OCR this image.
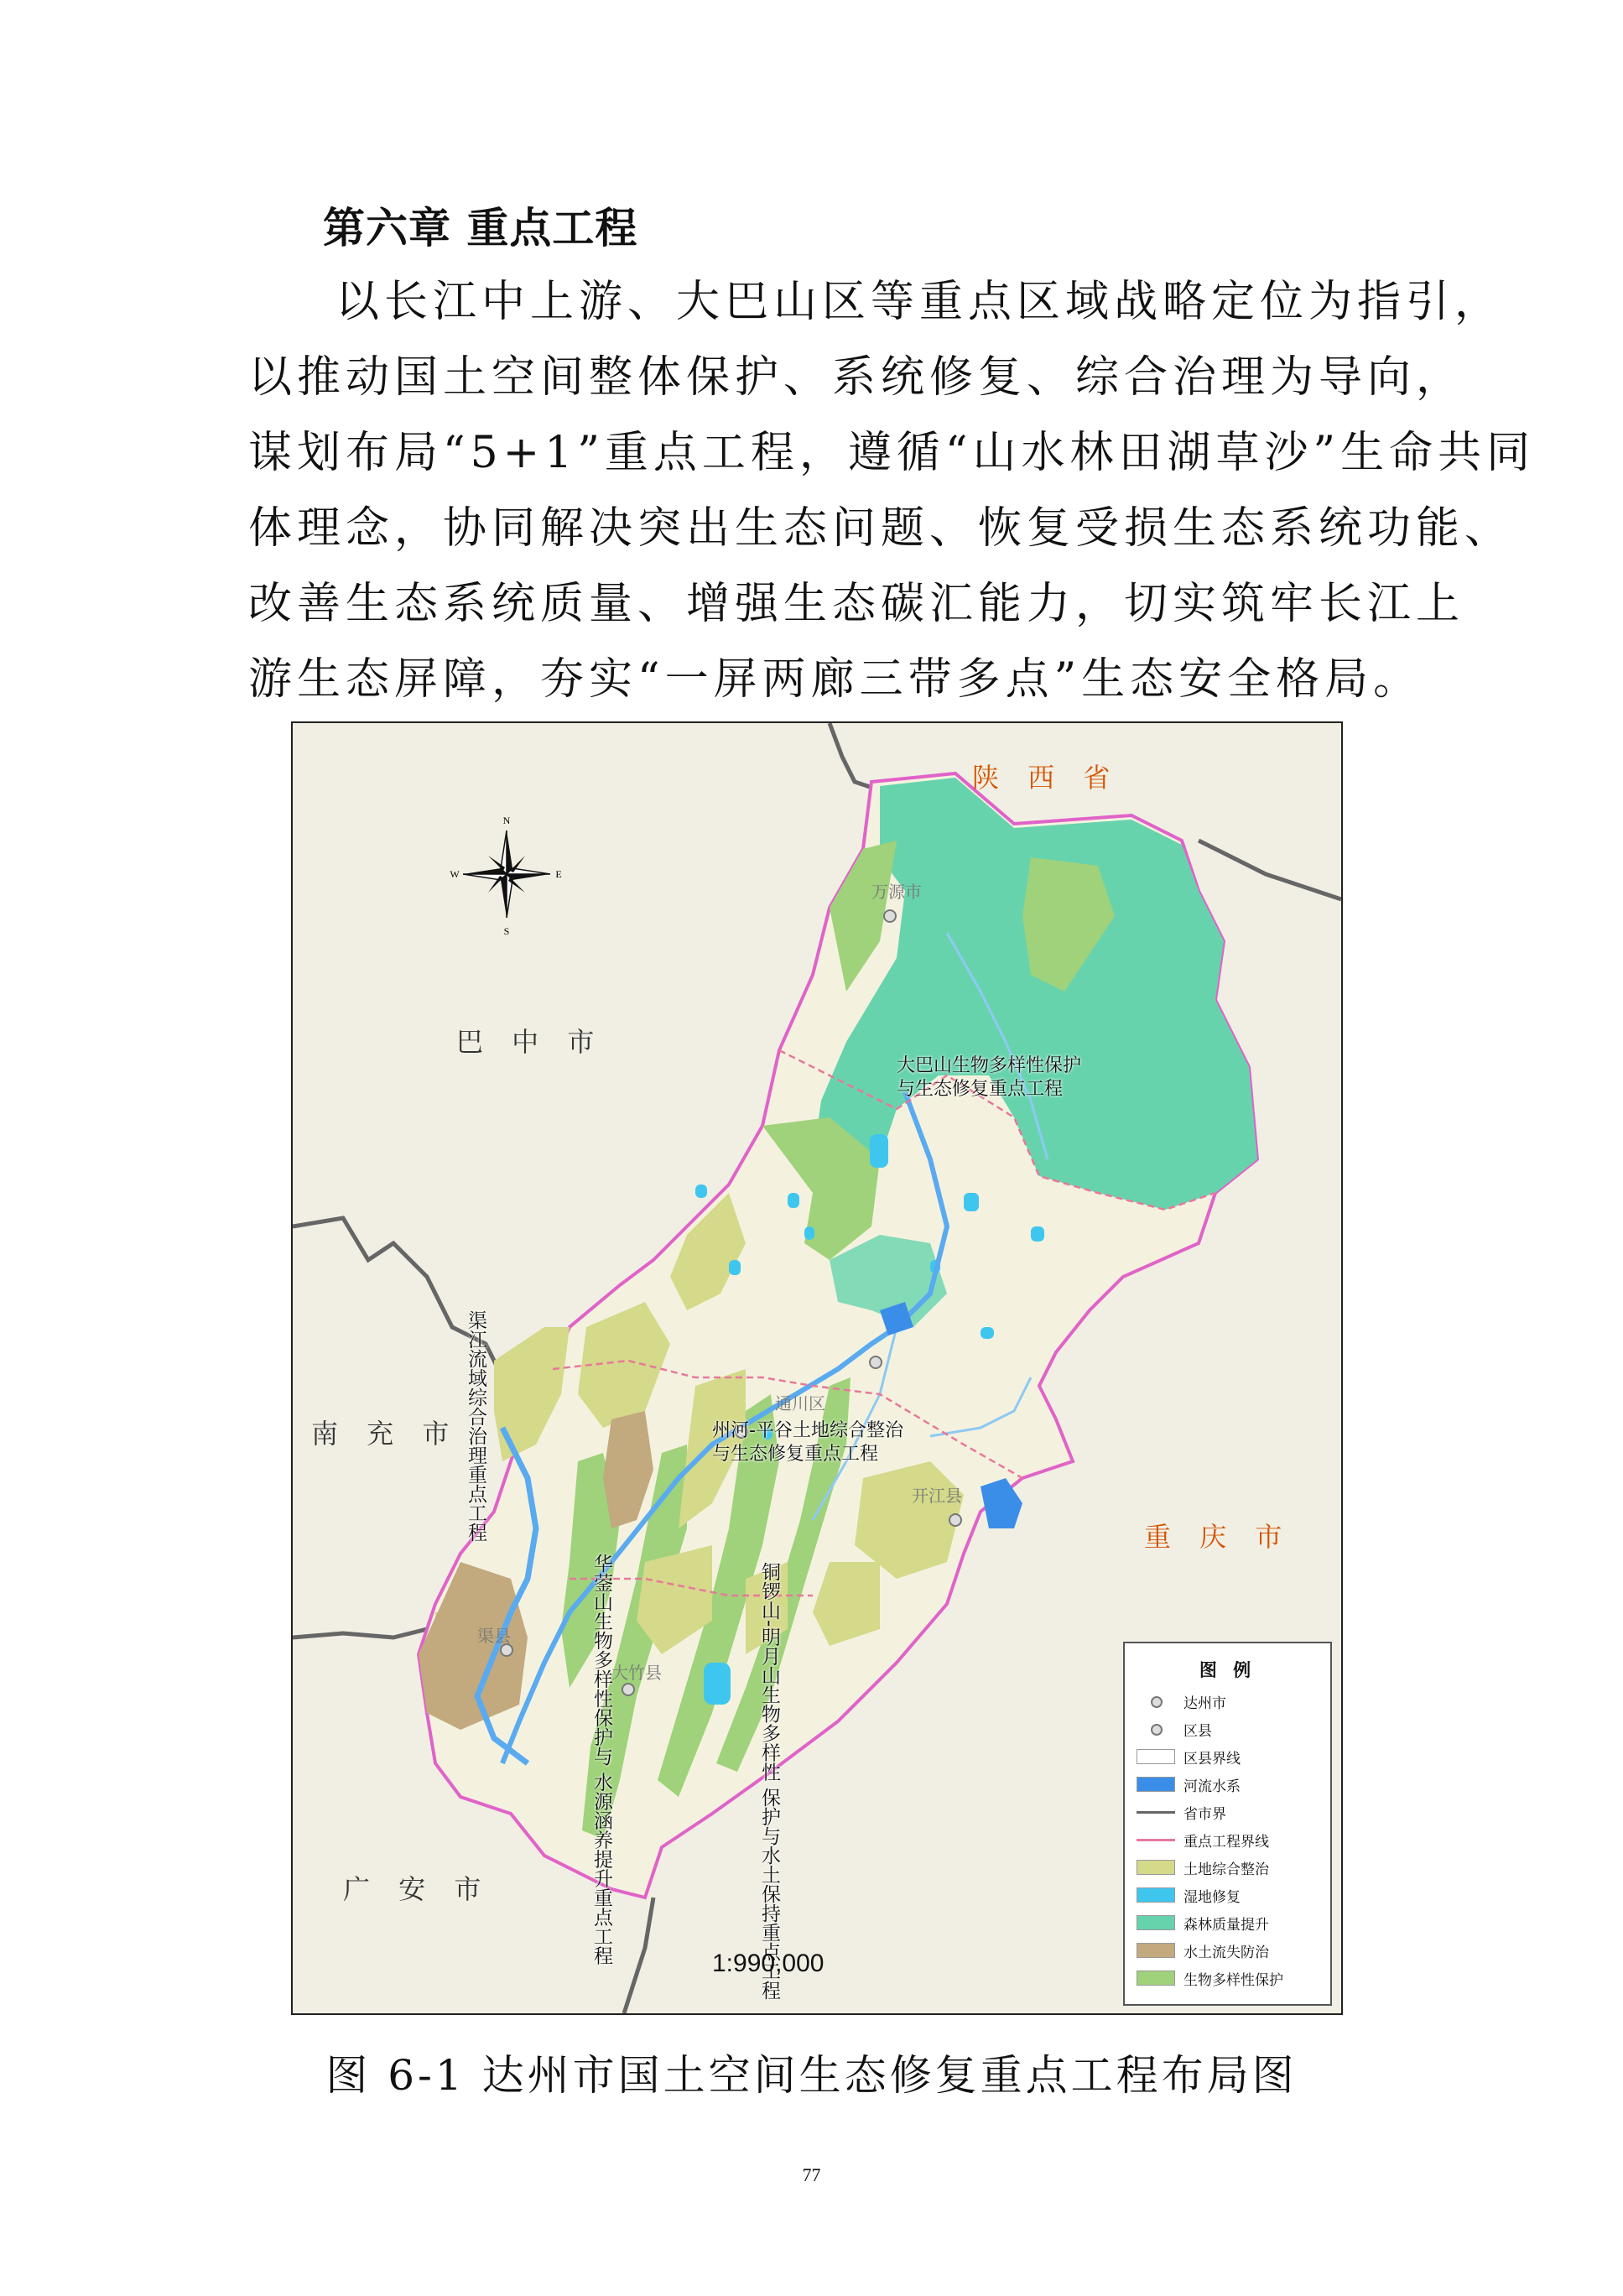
第六章 重点工程

以长江中上游、大巴山区等重点区域战略定位为指引，

以推动国土空间整体保护、系统修复、综合治理为导向，

谋划布局“5+1”重点工程，遵循“山水林田湖草沙”生命共同

体理念，协同解决突出生态问题、恢复受损生态系统功能、

改善生态系统质量、增强生态碳汇能力，切实筑牢长江上

游生态屏障，夯实“一屏两廊三带多点”生态安全格局。

N
S
E
W
陕 西 省
巴 中 市
南 充 市
重 庆 市
广 安 市
万源市
通川区
开江县
渠县
大竹县
大巴山生物多样性保护
与生态修复重点工程
州河-平谷土地综合整治
与生态修复重点工程
渠江流域综合治理重点工程
华蓥山生物多样性保护与 水源涵养提升重点工程
铜锣山-明月山生物多样性 保护与水土保持重点工程
1:990,000
图 例
达州市
区县
区县界线
河流水系
省市界
重点工程界线
土地综合整治
湿地修复
森林质量提升
水土流失防治
生物多样性保护
图 6-1 达州市国土空间生态修复重点工程布局图
77
